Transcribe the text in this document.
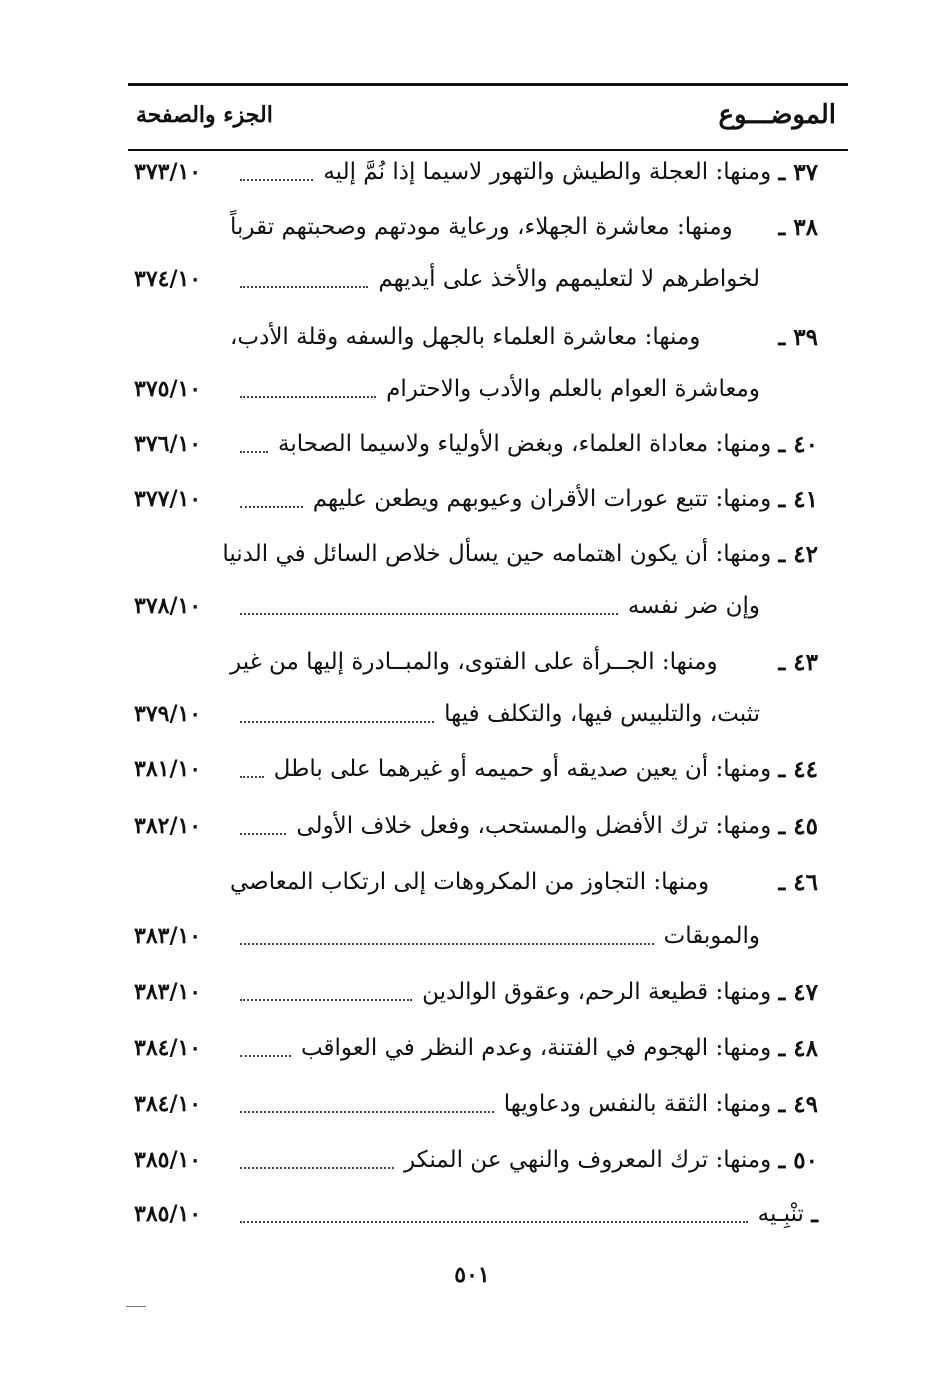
الموضـــوع
الجزء والصفحة
٣٧ ـ

ومنها: العجلة والطيش والتهور لاسيما إذا نُمَّ إليه
٣٧٣/١٠
٣٨ ـ

ومنها: معاشرة الجهلاء، ورعاية مودتهم وصحبتهم تقرباً
لخواطرهم لا لتعليمهم والأخذ على أيديهم
٣٧٤/١٠
٣٩ ـ

ومنها: معاشرة العلماء بالجهل والسفه وقلة الأدب،
ومعاشرة العوام بالعلم والأدب والاحترام
٣٧٥/١٠
٤٠ ـ

ومنها: معاداة العلماء، وبغض الأولياء ولاسيما الصحابة
٣٧٦/١٠
٤١ ـ

ومنها: تتبع عورات الأقران وعيوبهم ويطعن عليهم
٣٧٧/١٠
٤٢ ـ

ومنها: أن يكون اهتمامه حين يسأل خلاص السائل في الدنيا
وإن ضر نفسه
٣٧٨/١٠
٤٣ ـ

ومنها: الجــرأة على الفتوى، والمبــادرة إليها من غير
تثبت، والتلبيس فيها، والتكلف فيها
٣٧٩/١٠
٤٤ ـ

ومنها: أن يعين صديقه أو حميمه أو غيرهما على باطل
٣٨١/١٠
٤٥ ـ

ومنها: ترك الأفضل والمستحب، وفعل خلاف الأولى
٣٨٢/١٠
٤٦ ـ

ومنها: التجاوز من المكروهات إلى ارتكاب المعاصي
والموبقات
٣٨٣/١٠
٤٧ ـ

ومنها: قطيعة الرحم، وعقوق الوالدين
٣٨٣/١٠
٤٨ ـ

ومنها: الهجوم في الفتنة، وعدم النظر في العواقب
٣٨٤/١٠
٤٩ ـ

ومنها: الثقة بالنفس ودعاويها
٣٨٤/١٠
٥٠ ـ

ومنها: ترك المعروف والنهي عن المنكر
٣٨٥/١٠
ـ

تنْبِـيه
٣٨٥/١٠
٥٠١
